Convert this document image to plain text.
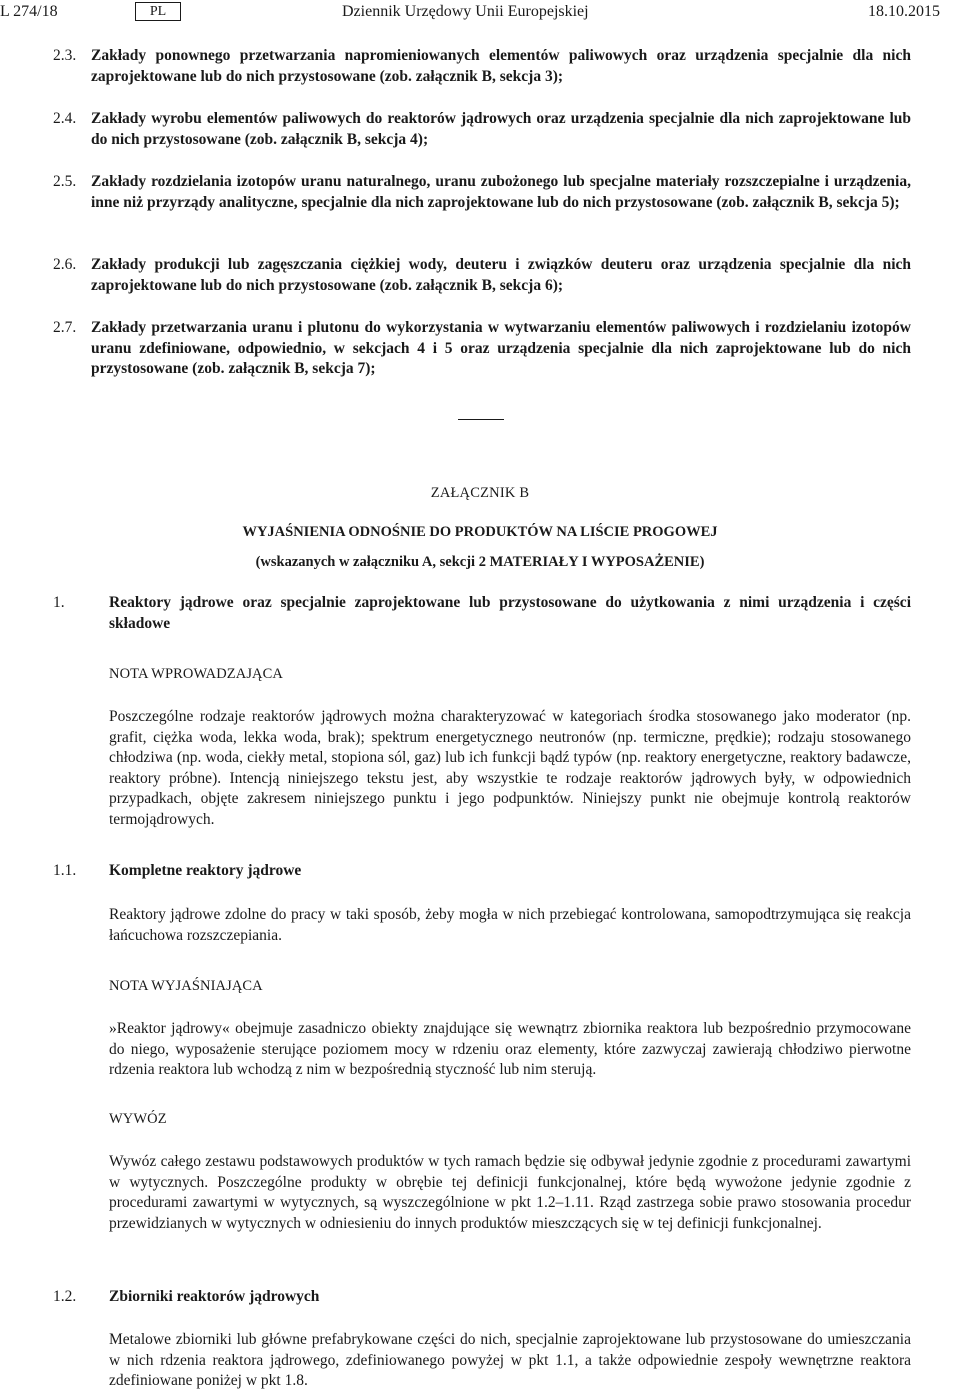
L 274/18	PL	Dziennik Urzędowy Unii Europejskiej	18.10.2015
2.3. Zakłady ponownego przetwarzania napromieniowanych elementów paliwowych oraz urządzenia specjalnie dla nich zaprojektowane lub do nich przystosowane (zob. załącznik B, sekcja 3);
2.4. Zakłady wyrobu elementów paliwowych do reaktorów jądrowych oraz urządzenia specjalnie dla nich zaprojektowane lub do nich przystosowane (zob. załącznik B, sekcja 4);
2.5. Zakłady rozdzielania izotopów uranu naturalnego, uranu zubożonego lub specjalne materiały rozszczepialne i urządzenia, inne niż przyrządy analityczne, specjalnie dla nich zaprojektowane lub do nich przystosowane (zob. załącznik B, sekcja 5);
2.6. Zakłady produkcji lub zagęszczania ciężkiej wody, deuteru i związków deuteru oraz urządzenia specjalnie dla nich zaprojektowane lub do nich przystosowane (zob. załącznik B, sekcja 6);
2.7. Zakłady przetwarzania uranu i plutonu do wykorzystania w wytwarzaniu elementów paliwowych i rozdzielaniu izotopów uranu zdefiniowane, odpowiednio, w sekcjach 4 i 5 oraz urządzenia specjalnie dla nich zaprojektowane lub do nich przystosowane (zob. załącznik B, sekcja 7);
ZAŁĄCZNIK B
WYJAŚNIENIA ODNOŚNIE DO PRODUKTÓW NA LIŚCIE PROGOWEJ
(wskazanych w załączniku A, sekcji 2 MATERIAŁY I WYPOSAŻENIE)
1.	Reaktory jądrowe oraz specjalnie zaprojektowane lub przystosowane do użytkowania z nimi urządzenia i części składowe
NOTA WPROWADZAJĄCA
Poszczególne rodzaje reaktorów jądrowych można charakteryzować w kategoriach środka stosowanego jako moderator (np. grafit, ciężka woda, lekka woda, brak); spektrum energetycznego neutronów (np. termiczne, prędkie); rodzaju stosowanego chłodziwa (np. woda, ciekły metal, stopiona sól, gaz) lub ich funkcji bądź typów (np. reaktory energetyczne, reaktory badawcze, reaktory próbne). Intencją niniejszego tekstu jest, aby wszystkie te rodzaje reaktorów jądrowych były, w odpowiednich przypadkach, objęte zakresem niniejszego punktu i jego podpunktów. Niniejszy punkt nie obejmuje kontrolą reaktorów termojądrowych.
1.1. Kompletne reaktory jądrowe
Reaktory jądrowe zdolne do pracy w taki sposób, żeby mogła w nich przebiegać kontrolowana, samopodtrzymująca się reakcja łańcuchowa rozszczepiania.
NOTA WYJAŚNIAJĄCA
»Reaktor jądrowy« obejmuje zasadniczo obiekty znajdujące się wewnątrz zbiornika reaktora lub bezpośrednio przymocowane do niego, wyposażenie sterujące poziomem mocy w rdzeniu oraz elementy, które zazwyczaj zawierają chłodziwo pierwotne rdzenia reaktora lub wchodzą z nim w bezpośrednią styczność lub nim sterują.
WYWÓZ
Wywóz całego zestawu podstawowych produktów w tych ramach będzie się odbywał jedynie zgodnie z procedurami zawartymi w wytycznych. Poszczególne produkty w obrębie tej definicji funkcjonalnej, które będą wywożone jedynie zgodnie z procedurami zawartymi w wytycznych, są wyszczególnione w pkt 1.2–1.11. Rząd zastrzega sobie prawo stosowania procedur przewidzianych w wytycznych w odniesieniu do innych produktów mieszczących się w tej definicji funkcjonalnej.
1.2. Zbiorniki reaktorów jądrowych
Metalowe zbiorniki lub główne prefabrykowane części do nich, specjalnie zaprojektowane lub przystosowane do umieszczania w nich rdzenia reaktora jądrowego, zdefiniowanego powyżej w pkt 1.1, a także odpowiednie zespoły wewnętrzne reaktora zdefiniowane poniżej w pkt 1.8.
